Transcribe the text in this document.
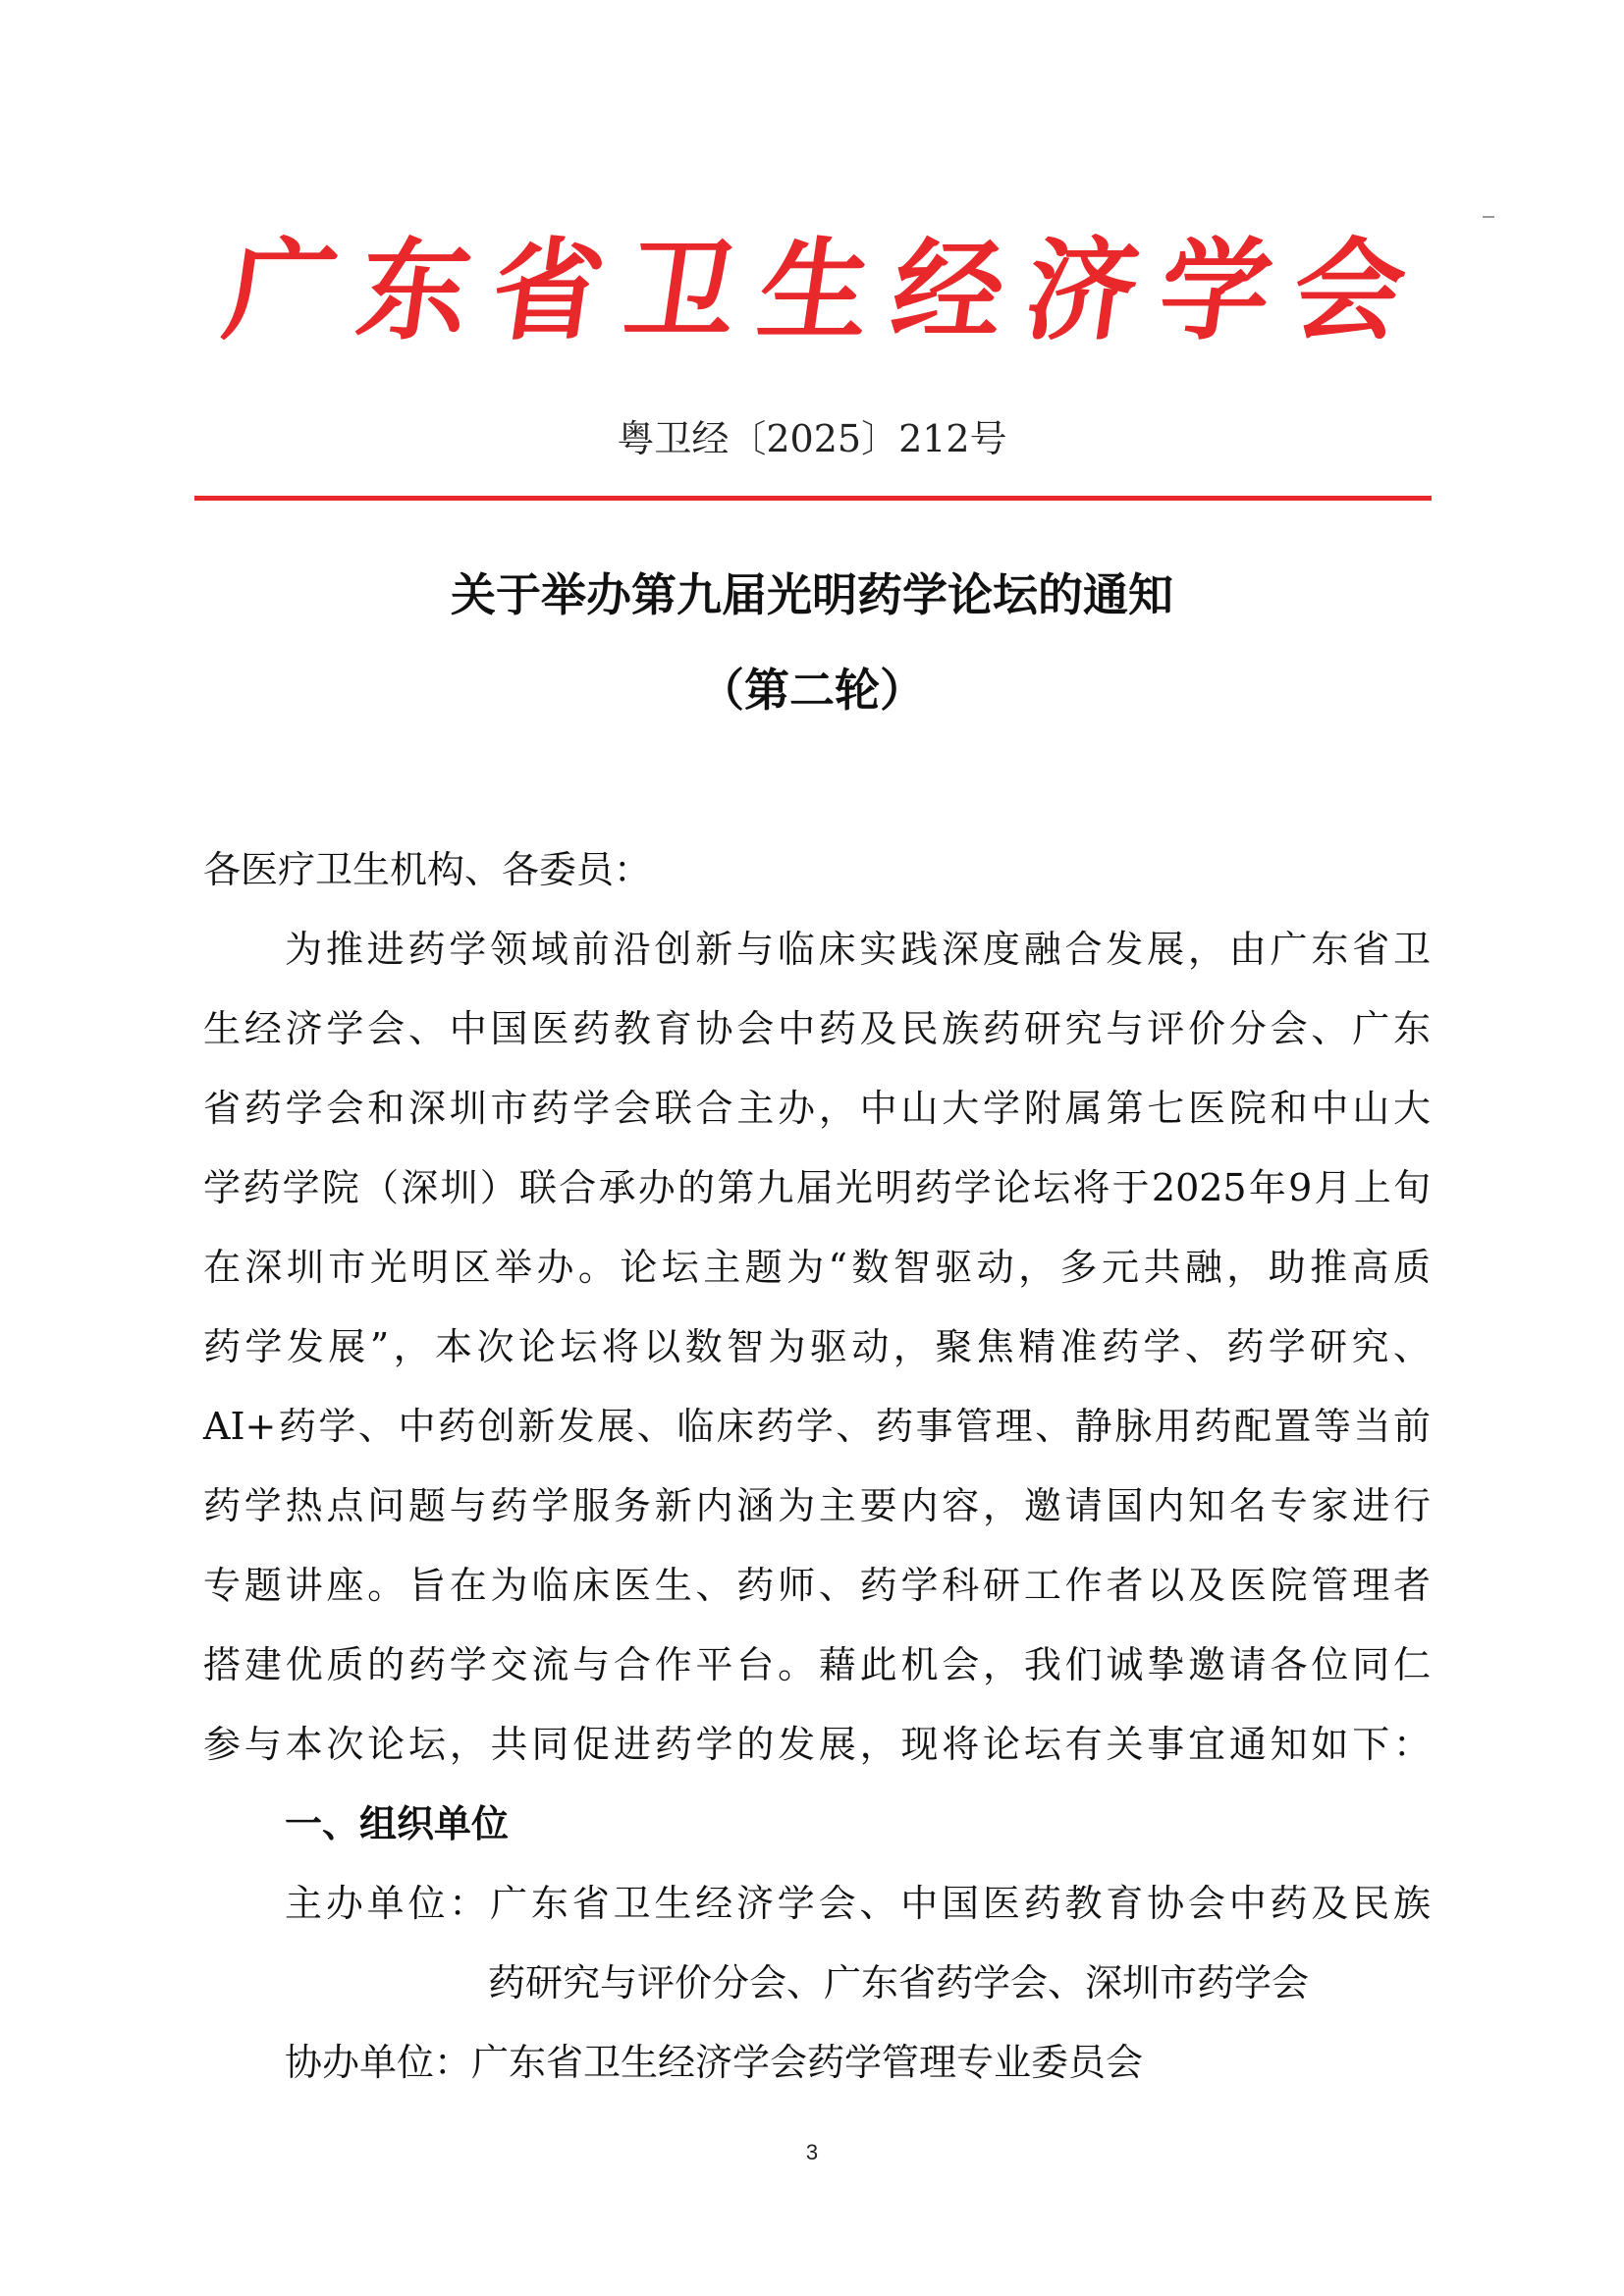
广 东 省 卫 生 经 济 学 会
粤卫经〔2025〕212号
关于举办第九届光明药学论坛的通知
（第二轮）
各医疗卫生机构、各委员：
为推进药学领域前沿创新与临床实践深度融合发展，由广东省卫
生经济学会、中国医药教育协会中药及民族药研究与评价分会、广东
省药学会和深圳市药学会联合主办，中山大学附属第七医院和中山大
学药学院（深圳）联合承办的第九届光明药学论坛将于2025年9月上旬
在深圳市光明区举办。论坛主题为“数智驱动，多元共融，助推高质
药学发展”，本次论坛将以数智为驱动，聚焦精准药学、药学研究、
AI+药学、中药创新发展、临床药学、药事管理、静脉用药配置等当前
药学热点问题与药学服务新内涵为主要内容，邀请国内知名专家进行
专题讲座。旨在为临床医生、药师、药学科研工作者以及医院管理者
搭建优质的药学交流与合作平台。藉此机会，我们诚挚邀请各位同仁
参与本次论坛，共同促进药学的发展，现将论坛有关事宜通知如下：
一、组织单位
主办单位：广东省卫生经济学会、中国医药教育协会中药及民族
药研究与评价分会、广东省药学会、深圳市药学会
协办单位：广东省卫生经济学会药学管理专业委员会
3
